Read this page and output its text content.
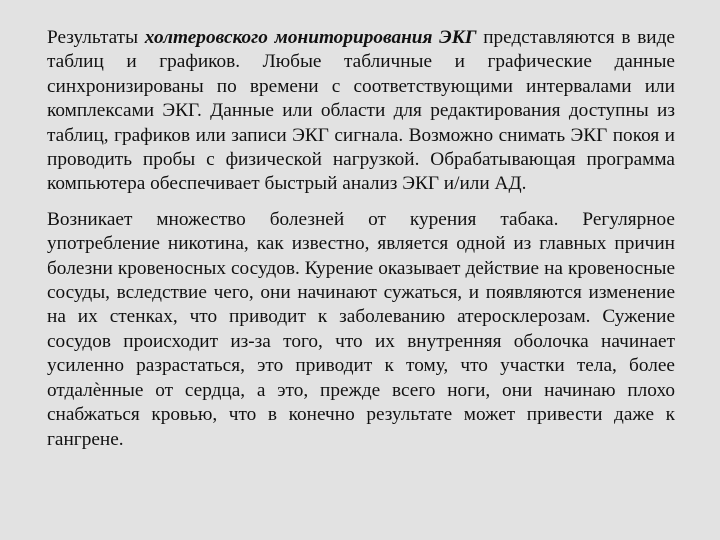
Результаты холтеровского мониторирования ЭКГ представляются в виде таблиц и графиков. Любые табличные и графические данные синхронизированы по времени с соответствующими интервалами или комплексами ЭКГ. Данные или области для редактирования доступны из таблиц, графиков или записи ЭКГ сигнала. Возможно снимать ЭКГ покоя и проводить пробы с физической нагрузкой. Обрабатывающая программа компьютера обеспечивает быстрый анализ ЭКГ и/или АД.

Возникает множество болезней от курения табака. Регулярное употребление никотина, как известно, является одной из главных причин болезни кровеносных сосудов. Курение оказывает действие на кровеносные сосуды, вследствие чего, они начинают сужаться, и появляются изменение на их стенках, что приводит к заболеванию атеросклерозам. Сужение сосудов происходит из-за того, что их внутренняя оболочка начинает усиленно разрастаться, это приводит к тому, что участки тела, более отдалѐнные от сердца, а это, прежде всего ноги, они начинаю плохо снабжаться кровью, что в конечно результате может привести даже к гангрене.
